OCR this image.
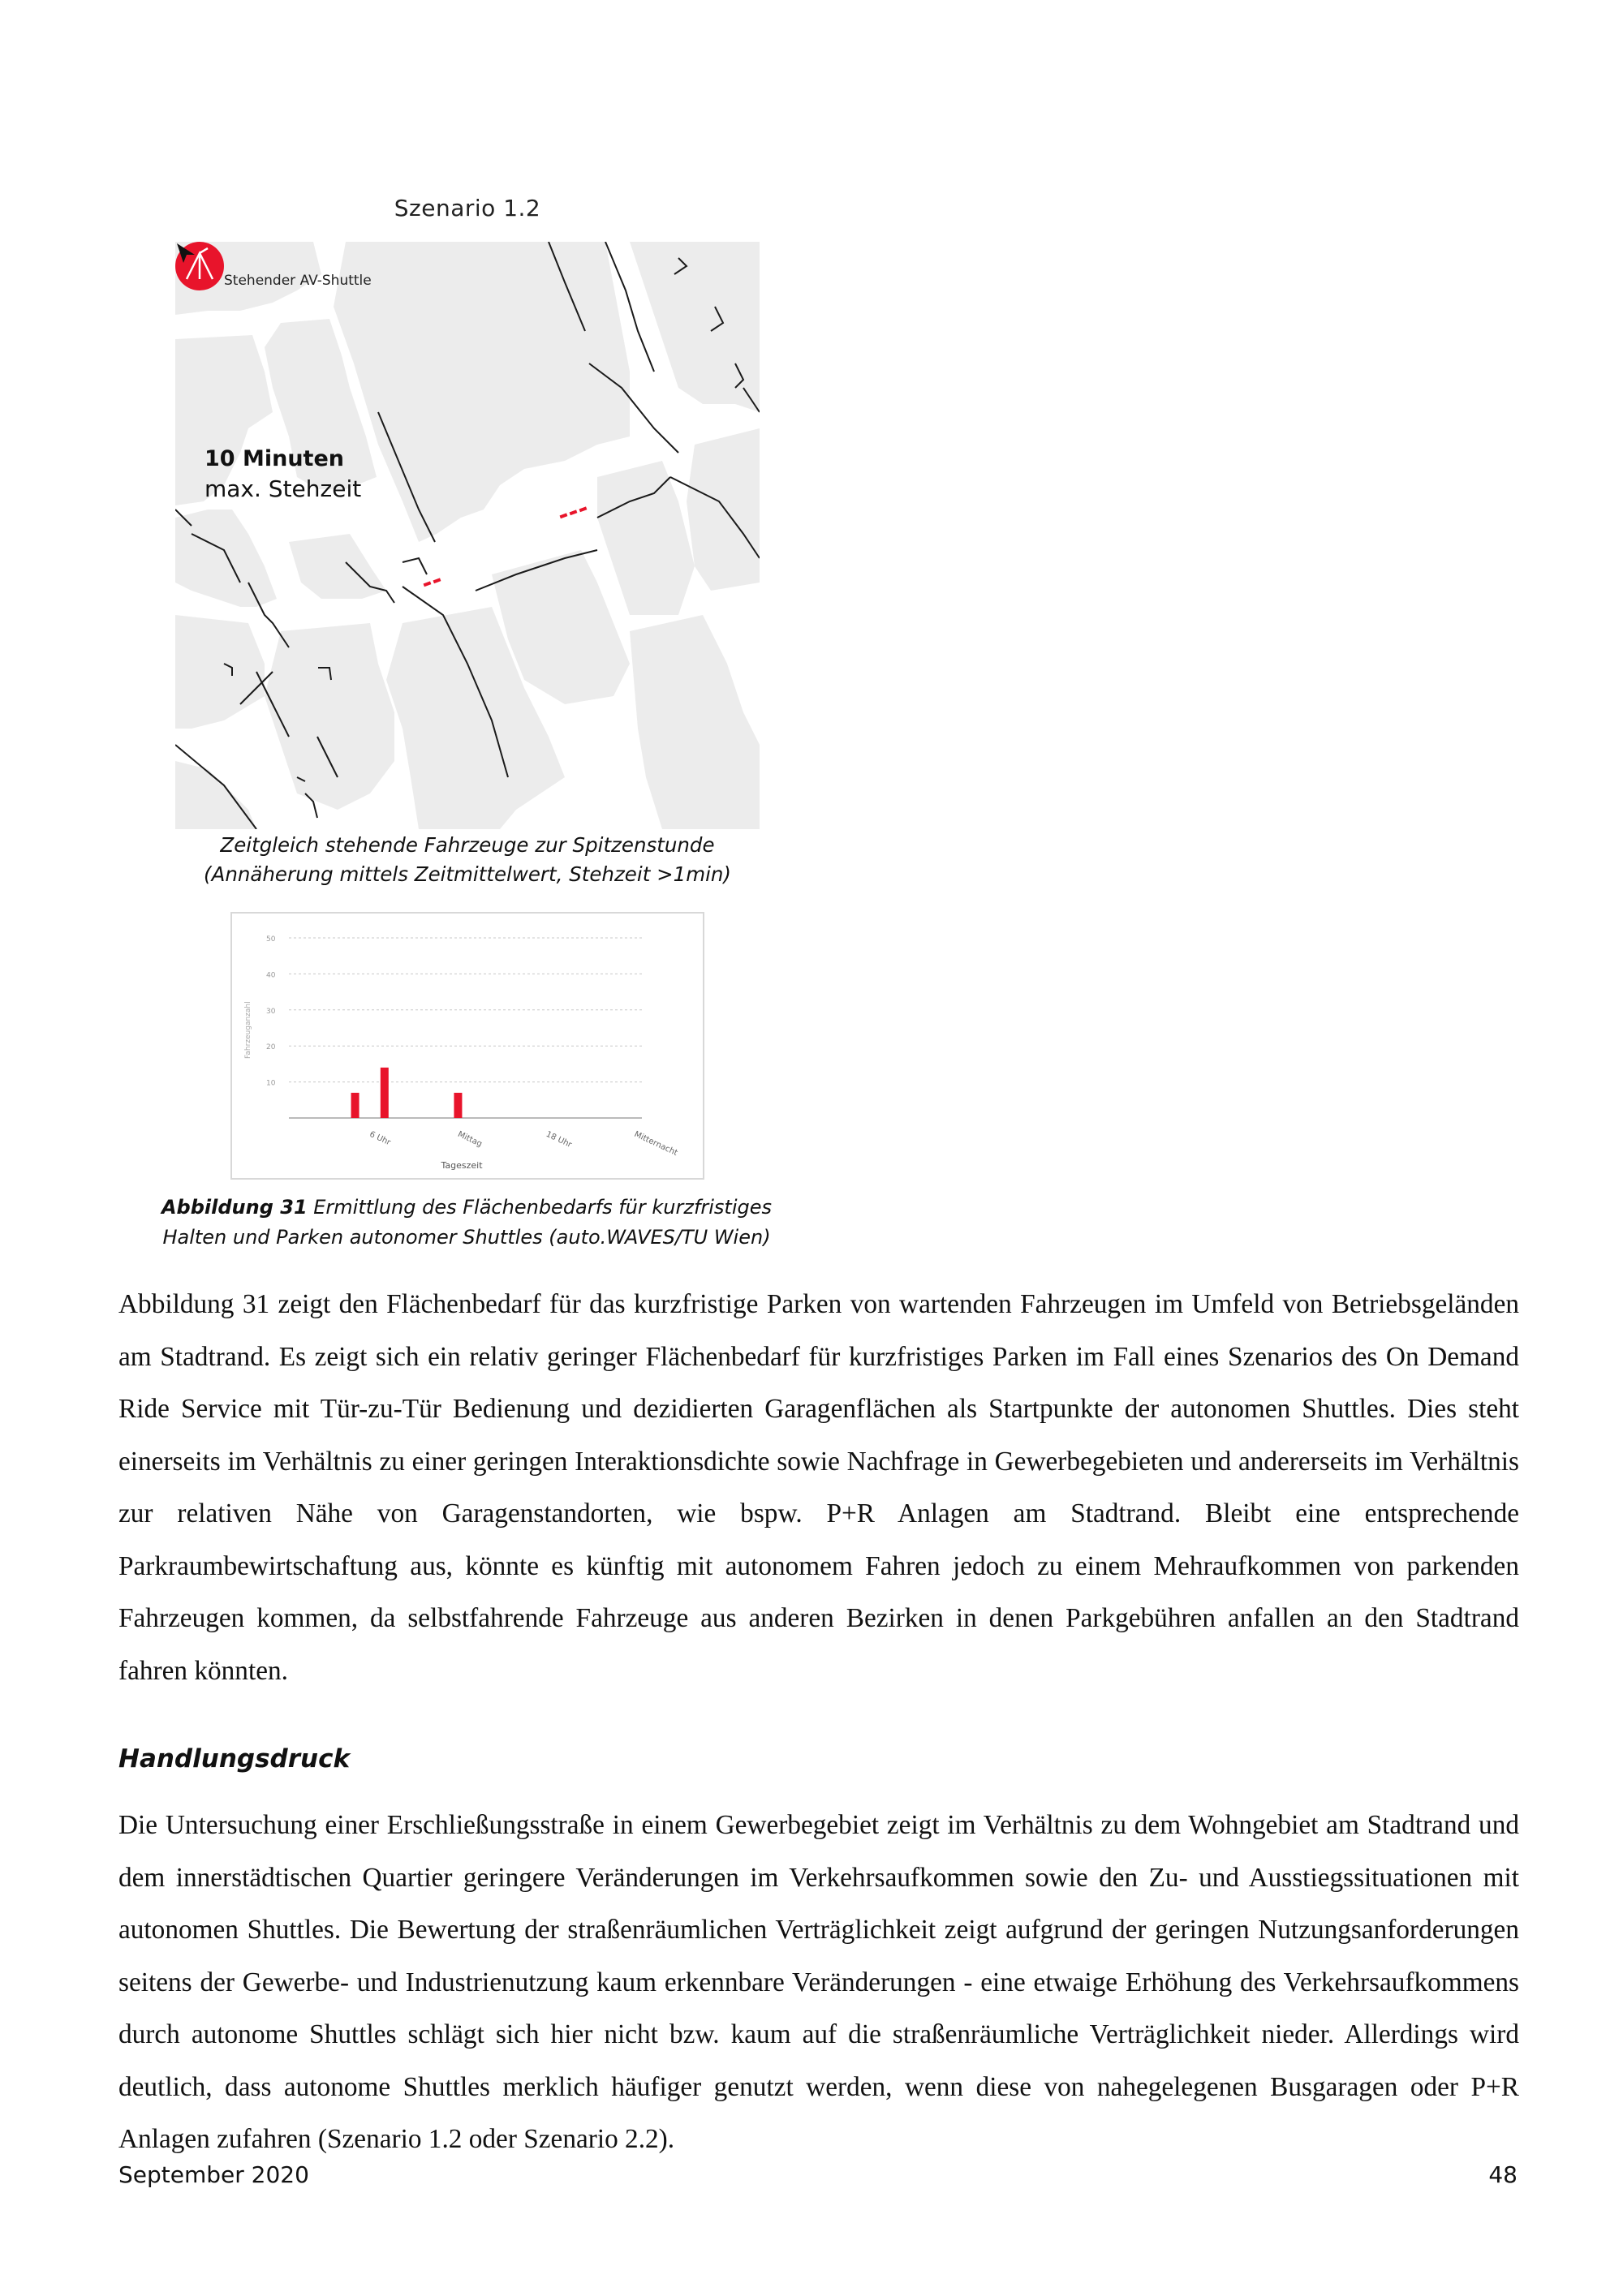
Szenario 1.2
Stehender AV-Shuttle
10 Minuten
max. Stehzeit
Zeitgleich stehende Fahrzeuge zur Spitzenstunde
(Annäherung mittels Zeitmittelwert, Stehzeit >1min)
10
20
30
40
50
6 Uhr	Mittag	18 Uhr	Mitternacht
Tageszeit
Fahrzeuganzahl
Abbildung 31 Ermittlung des Flächenbedarfs für kurzfristiges
Halten und Parken autonomer Shuttles (auto.WAVES/TU Wien)

Abbildung 31 zeigt den Flächenbedarf für das kurzfristige Parken von wartenden Fahrzeugen im Umfeld von Betriebsgeländen am Stadtrand. Es zeigt sich ein relativ geringer Flächenbedarf für kurzfristiges Parken im Fall eines Szenarios des On Demand Ride Service mit Tür-zu-Tür Bedienung und dezidierten Garagenflächen als Startpunkte der autonomen Shuttles. Dies steht einerseits im Verhältnis zu einer geringen Interaktionsdichte sowie Nachfrage in Gewerbegebieten und andererseits im Verhältnis zur relativen Nähe von Garagenstandorten, wie bspw. P+R Anlagen am Stadtrand. Bleibt eine entsprechende Parkraumbewirtschaftung aus, könnte es künftig mit autonomem Fahren jedoch zu einem Mehraufkommen von parkenden Fahrzeugen kommen, da selbstfahrende Fahrzeuge aus anderen Bezirken in denen Parkgebühren anfallen an den Stadtrand fahren könnten.

Handlungsdruck

Die Untersuchung einer Erschließungsstraße in einem Gewerbegebiet zeigt im Verhältnis zu dem Wohngebiet am Stadtrand und dem innerstädtischen Quartier geringere Veränderungen im Verkehrsaufkommen sowie den Zu- und Ausstiegssituationen mit autonomen Shuttles. Die Bewertung der straßenräumlichen Verträglichkeit zeigt aufgrund der geringen Nutzungsanforderungen seitens der Gewerbe- und Industrienutzung kaum erkennbare Veränderungen - eine etwaige Erhöhung des Verkehrsaufkommens durch autonome Shuttles schlägt sich hier nicht bzw. kaum auf die straßenräumliche Verträglichkeit nieder. Allerdings wird deutlich, dass autonome Shuttles merklich häufiger genutzt werden, wenn diese von nahegelegenen Busgaragen oder P+R Anlagen zufahren (Szenario 1.2 oder Szenario 2.2).

September 2020	48
